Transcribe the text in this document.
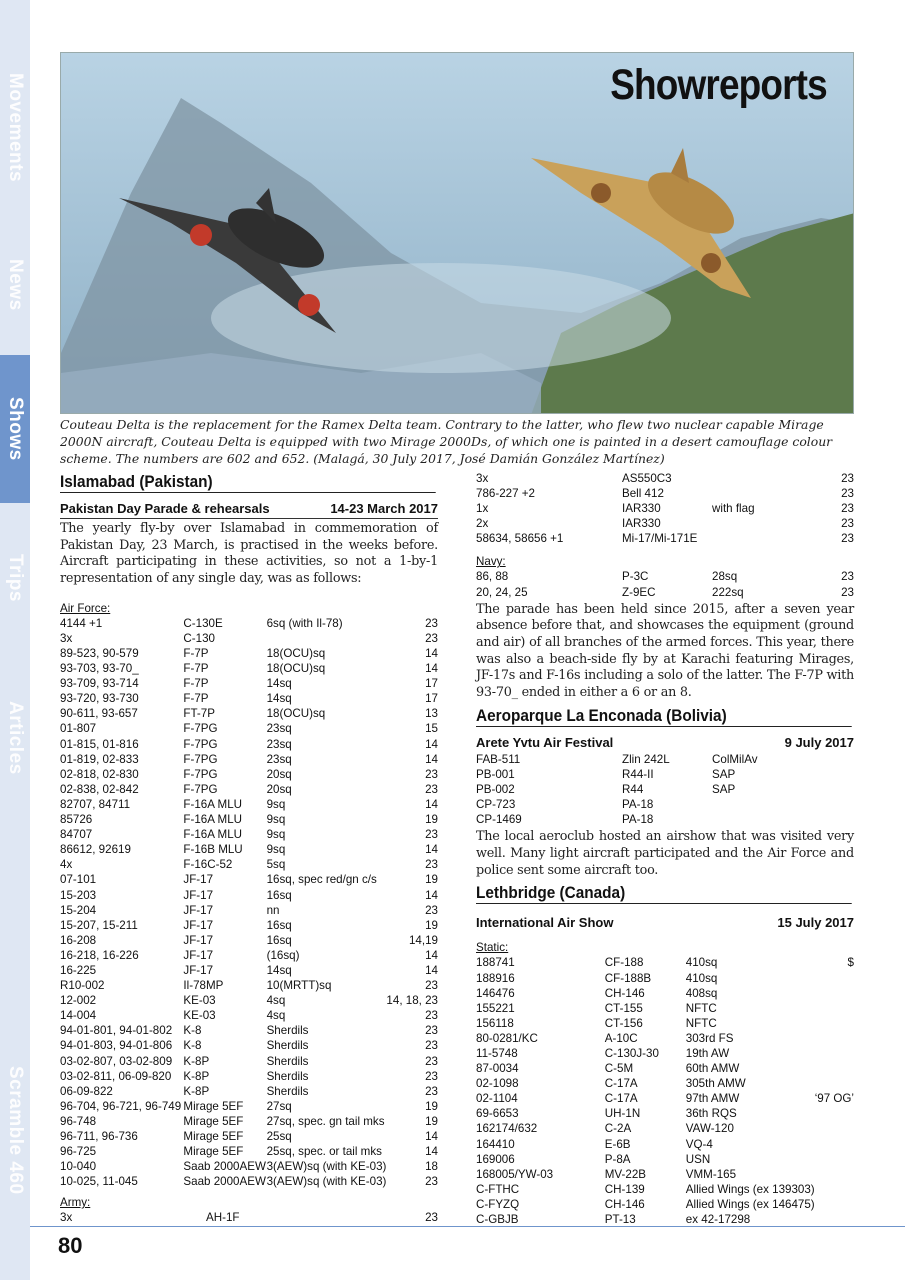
Movements
News
Shows
Trips
Articles
Scramble 460
Showreports
Couteau Delta is the replacement for the Ramex Delta team. Contrary to the latter, who flew two nuclear capable Mirage 2000N aircraft, Couteau Delta is equipped with two Mirage 2000Ds, of which one is painted in a desert camouflage colour scheme. The numbers are 602 and 652. (Malagá, 30 July 2017, José Damián González Martínez)
Islamabad (Pakistan)
Pakistan Day Parade & rehearsals	14-23 March 2017
The yearly fly-by over Islamabad in commemoration of Pakistan Day, 23 March, is practised in the weeks before. Aircraft participating in these activities, so not a 1-by-1 representation of any single day, was as follows:
Air Force:
4144 +1	C-130E	6sq (with Il-78)	23
3x	C-130		23
89-523, 90-579	F-7P	18(OCU)sq	14
93-703, 93-70_	F-7P	18(OCU)sq	14
93-709, 93-714	F-7P	14sq	17
93-720, 93-730	F-7P	14sq	17
90-611, 93-657	FT-7P	18(OCU)sq	13
01-807	F-7PG	23sq	15
01-815, 01-816	F-7PG	23sq	14
01-819, 02-833	F-7PG	23sq	14
02-818, 02-830	F-7PG	20sq	23
02-838, 02-842	F-7PG	20sq	23
82707, 84711	F-16A MLU	9sq	14
85726	F-16A MLU	9sq	19
84707	F-16A MLU	9sq	23
86612, 92619	F-16B MLU	9sq	14
4x	F-16C-52	5sq	23
07-101	JF-17	16sq, spec red/gn c/s	19
15-203	JF-17	16sq	14
15-204	JF-17	nn	23
15-207, 15-211	JF-17	16sq	19
16-208	JF-17	16sq	14,19
16-218, 16-226	JF-17	(16sq)	14
16-225	JF-17	14sq	14
R10-002	Il-78MP	10(MRTT)sq	23
12-002	KE-03	4sq	14, 18, 23
14-004	KE-03	4sq	23
94-01-801, 94-01-802	K-8	Sherdils	23
94-01-803, 94-01-806	K-8	Sherdils	23
03-02-807, 03-02-809	K-8P	Sherdils	23
03-02-811, 06-09-820	K-8P	Sherdils	23
06-09-822	K-8P	Sherdils	23
96-704, 96-721, 96-749	Mirage 5EF	27sq	19
96-748	Mirage 5EF	27sq, spec. gn tail mks	19
96-711, 96-736	Mirage 5EF	25sq	14
96-725	Mirage 5EF	25sq, spec. or tail mks	14
10-040	Saab 2000AEW	3(AEW)sq (with KE-03)	18
10-025, 11-045	Saab 2000AEW	3(AEW)sq (with KE-03)	23
Army:
3x	AH-1F		23
3x	AS550C3		23
786-227 +2	Bell 412		23
1x	IAR330	with flag	23
2x	IAR330		23
58634, 58656 +1	Mi-17/Mi-171E		23
Navy:
86, 88	P-3C	28sq	23
20, 24, 25	Z-9EC	222sq	23
The parade has been held since 2015, after a seven year absence before that, and showcases the equipment (ground and air) of all branches of the armed forces. This year, there was also a beach-side fly by at Karachi featuring Mirages, JF-17s and F-16s including a solo of the latter. The F-7P with 93-70_ ended in either a 6 or an 8.
Aeroparque La Enconada (Bolivia)
Arete Yvtu Air Festival	9 July 2017
FAB-511	Zlin 242L	ColMilAv	
PB-001	R44-II	SAP	
PB-002	R44	SAP	
CP-723	PA-18		
CP-1469	PA-18		
The local aeroclub hosted an airshow that was visited very well. Many light aircraft participated and the Air Force and police sent some aircraft too.
Lethbridge (Canada)
International Air Show	15 July 2017
Static:
188741	CF-188	410sq	$
188916	CF-188B	410sq	
146476	CH-146	408sq	
155221	CT-155	NFTC	
156118	CT-156	NFTC	
80-0281/KC	A-10C	303rd FS	
11-5748	C-130J-30	19th AW	
87-0034	C-5M	60th AMW	
02-1098	C-17A	305th AMW	
02-1104	C-17A	97th AMW	‘97 OG’
69-6653	UH-1N	36th RQS	
162174/632	C-2A	VAW-120	
164410	E-6B	VQ-4	
169006	P-8A	USN	
168005/YW-03	MV-22B	VMM-165	
C-FTHC	CH-139	Allied Wings (ex 139303)	
C-FYZQ	CH-146	Allied Wings (ex 146475)	
C-GBJB	PT-13	ex 42-17298	
80
